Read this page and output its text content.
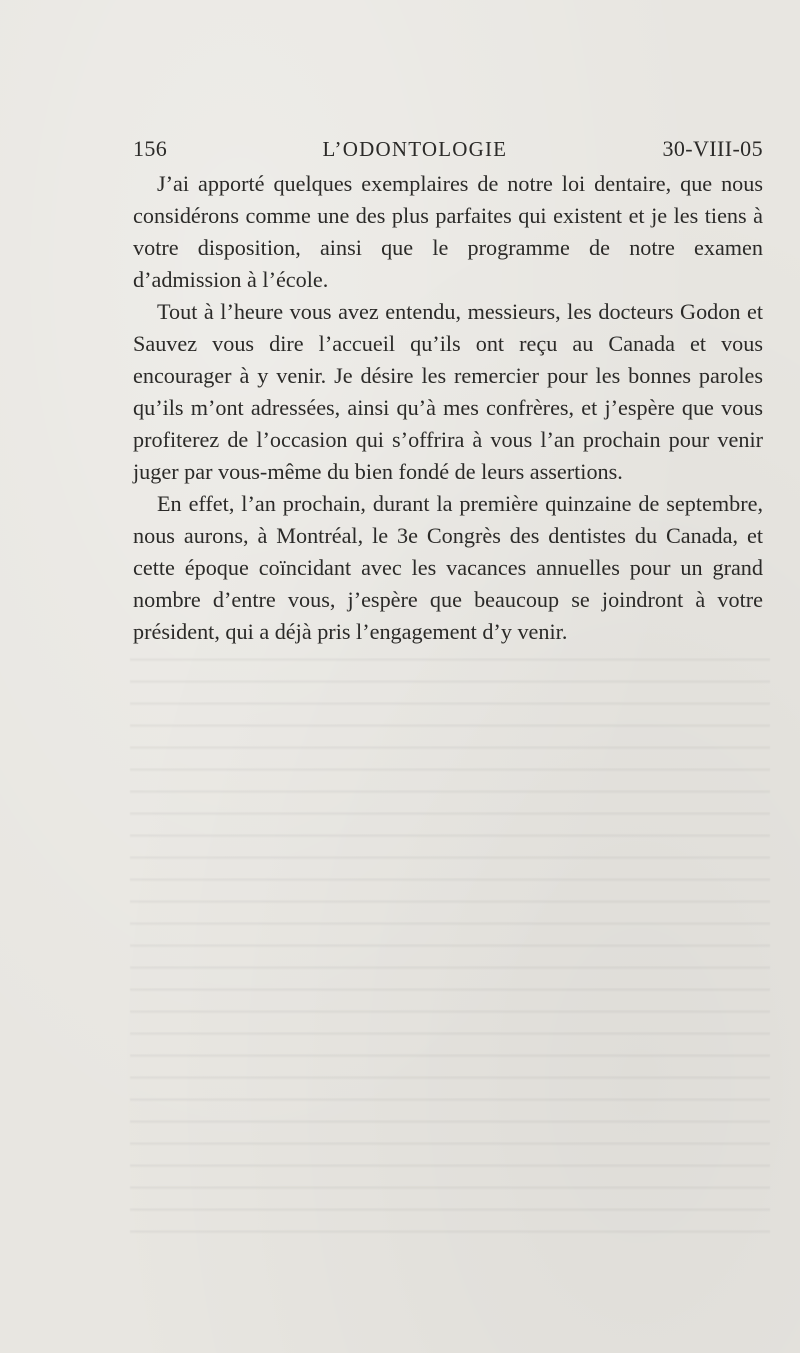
156	L’ODONTOLOGIE	30-VIII-05

J’ai apporté quelques exemplaires de notre loi dentaire, que nous considérons comme une des plus parfaites qui existent et je les tiens à votre disposition, ainsi que le programme de notre examen d’admission à l’école.

Tout à l’heure vous avez entendu, messieurs, les docteurs Godon et Sauvez vous dire l’accueil qu’ils ont reçu au Canada et vous encourager à y venir. Je désire les remercier pour les bonnes paroles qu’ils m’ont adressées, ainsi qu’à mes confrères, et j’espère que vous profiterez de l’occasion qui s’offrira à vous l’an prochain pour venir juger par vous-même du bien fondé de leurs assertions.

En effet, l’an prochain, durant la première quinzaine de septembre, nous aurons, à Montréal, le 3e Congrès des dentistes du Canada, et cette époque coïncidant avec les vacances annuelles pour un grand nombre d’entre vous, j’espère que beaucoup se joindront à votre président, qui a déjà pris l’engagement d’y venir.
